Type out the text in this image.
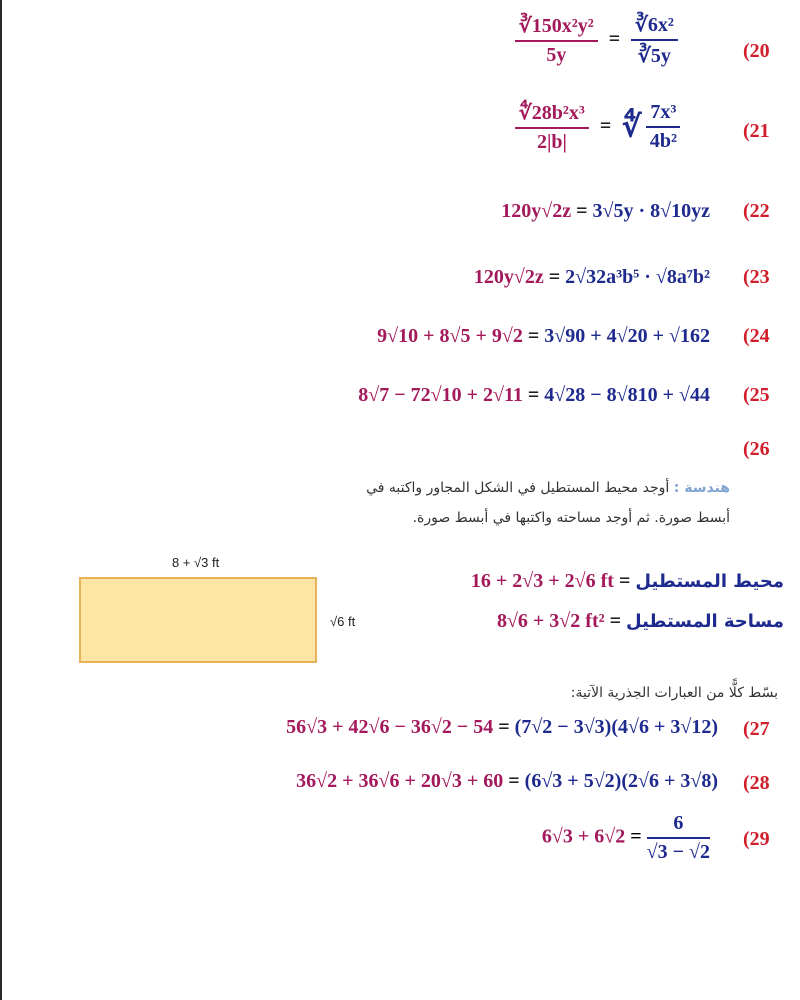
$\frac{\text{∛150x²y²}}{5y} = \frac{\text{∛6x²}}{∛5y}$	(20
$\frac{\text{∜28b²x³}}{2|b|}$ = ∜ $\frac{\text{7x³}}{\text{4b²}}$	(21
120y√2z = 3√5y · 8√10yz (22
120y√2z = 2√32a³b⁵ · √8a⁷b² (23
9√10 + 8√5 + 9√2 = 3√90 + 4√20 + √162 (24
8√7 − 72√10 + 2√11 = 4√28 − 8√810 + √44 (25
(26
هندسة : أوجد محيط المستطيل في الشكل المجاور واكتبه في
أبسط صورة. ثم أوجد مساحته واكتبها في أبسط صورة.
8 + √3 ft
√6 ft
16 + 2√3 + 2√6 ft = محيط المستطيل
8√6 + 3√2 ft² = مساحة المستطيل
بسّط كلًّا من العبارات الجذرية الآتية:
56√3 + 42√6 − 36√2 − 54 = (7√2 − 3√3)(4√6 + 3√12) (27
36√2 + 36√6 + 20√3 + 60 = (6√3 + 5√2)(2√6 + 3√8) (28
$6√3 + 6√2 = \frac{6}{√3 - √2} (29$
